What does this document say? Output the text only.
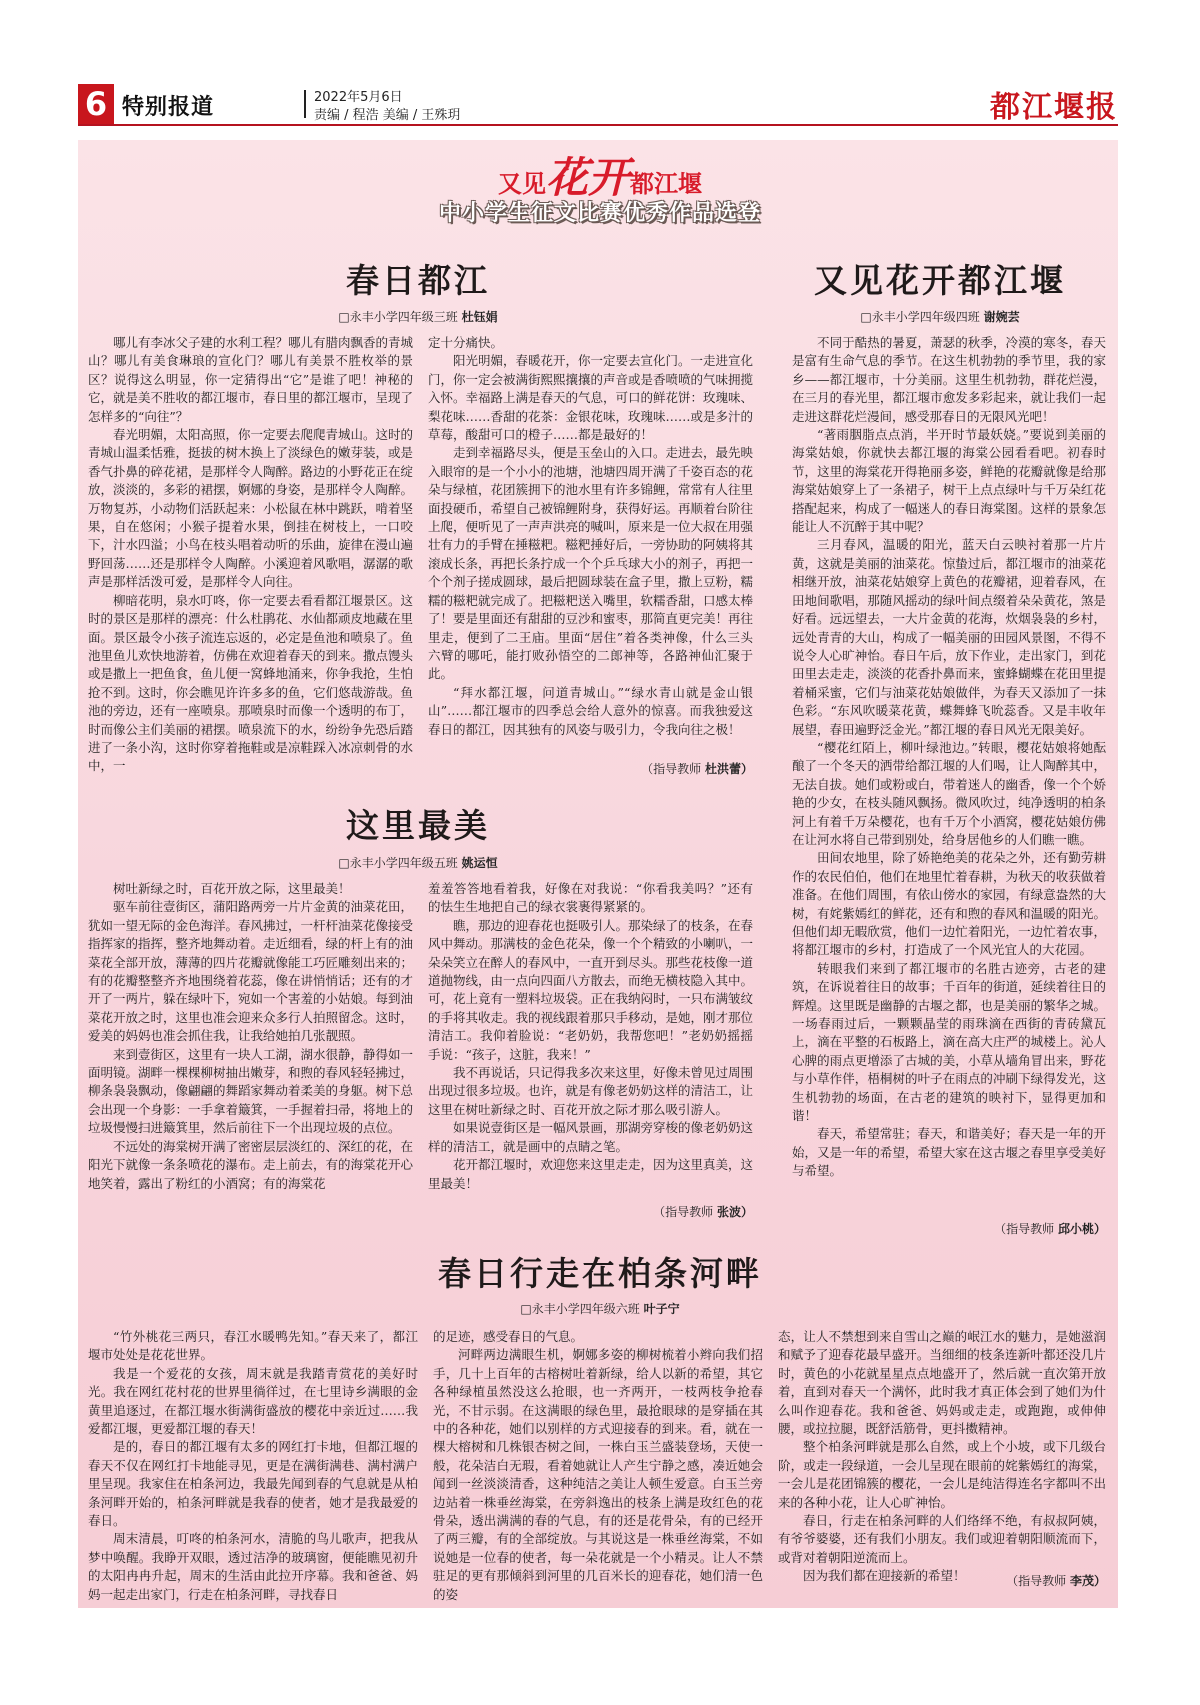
6 特别报道	2022年5月6日
责编 / 程浩 美编 / 王殊玥	都江堰报
又见花开都江堰
中小学生征文比赛优秀作品选登
春日都江
□永丰小学四年级三班 杜钰娟

哪儿有李冰父子建的水利工程？哪儿有腊肉飘香的青城山？哪儿有美食琳琅的宣化门？哪儿有美景不胜枚举的景区？说得这么明显，你一定猜得出“它”是谁了吧！神秘的它，就是美不胜收的都江堰市，春日里的都江堰市，呈现了怎样多的“向往”？

春光明媚，太阳高照，你一定要去爬爬青城山。这时的青城山温柔恬雅，挺拔的树木换上了淡绿色的嫩芽装，或是香气扑鼻的碎花裙，是那样令人陶醉。路边的小野花正在绽放，淡淡的，多彩的裙摆，婀娜的身姿，是那样令人陶醉。万物复苏，小动物们活跃起来：小松鼠在林中跳跃，啃着坚果，自在悠闲；小猴子提着水果，倒挂在树枝上，一口咬下，汁水四溢；小鸟在枝头唱着动听的乐曲，旋律在漫山遍野回荡……还是那样令人陶醉。小溪迎着风歌唱，潺潺的歌声是那样活泼可爱，是那样令人向往。

柳暗花明，泉水叮咚，你一定要去看看都江堰景区。这时的景区是那样的漂亮：什么杜鹃花、水仙都顽皮地藏在里面。景区最令小孩子流连忘返的，必定是鱼池和喷泉了。鱼池里鱼儿欢快地游着，仿佛在欢迎着春天的到来。撒点馒头或是撒上一把鱼食，鱼儿便一窝蜂地涌来，你争我抢，生怕抢不到。这时，你会瞧见许许多多的鱼，它们悠哉游哉。鱼池的旁边，还有一座喷泉。那喷泉时而像一个透明的布丁，时而像公主们美丽的裙摆。喷泉流下的水，纷纷争先恐后踏进了一条小沟，这时你穿着拖鞋或是凉鞋踩入冰凉刺骨的水中，一

定十分痛快。

阳光明媚，春暖花开，你一定要去宣化门。一走进宣化门，你一定会被满街熙熙攘攘的声音或是香喷喷的气味拥揽入怀。幸福路上满是春天的气息，可口的鲜花饼：玫瑰味、梨花味……香甜的花茶：金银花味，玫瑰味……或是多汁的草莓，酸甜可口的橙子……都是最好的！

走到幸福路尽头，便是玉垒山的入口。走进去，最先映入眼帘的是一个小小的池塘，池塘四周开满了千姿百态的花朵与绿植，花团簇拥下的池水里有许多锦鲤，常常有人往里面投硬币，希望自己被锦鲤附身，获得好运。再顺着台阶往上爬，便听见了一声声洪亮的喊叫，原来是一位大叔在用强壮有力的手臂在捶糍粑。糍粑捶好后，一旁协助的阿姨将其滚成长条，再把长条拧成一个个乒乓球大小的剂子，再把一个个剂子搓成圆球，最后把圆球装在盒子里，撒上豆粉，糯糯的糍粑就完成了。把糍粑送入嘴里，软糯香甜，口感太棒了！要是里面还有甜甜的豆沙和蜜枣，那简直更完美！再往里走，便到了二王庙。里面“居住”着各类神像，什么三头六臂的哪吒，能打败孙悟空的二郎神等，各路神仙汇聚于此。

“拜水都江堰，问道青城山。”“绿水青山就是金山银山”……都江堰市的四季总会给人意外的惊喜。而我独爱这春日的都江，因其独有的风姿与吸引力，令我向往之极！

（指导教师 杜洪蕾）
又见花开都江堰
□永丰小学四年级四班 谢婉芸

不同于酷热的暑夏，萧瑟的秋季，冷漠的寒冬，春天是富有生命气息的季节。在这生机勃勃的季节里，我的家乡——都江堰市，十分美丽。这里生机勃勃，群花烂漫，在三月的春光里，都江堰市愈发多彩起来，就让我们一起走进这群花烂漫间，感受那春日的无限风光吧！

“著雨胭脂点点消，半开时节最妖娆。”要说到美丽的海棠姑娘，你就快去都江堰的海棠公园看看吧。初春时节，这里的海棠花开得艳丽多姿，鲜艳的花瓣就像是给那海棠姑娘穿上了一条裙子，树干上点点绿叶与千万朵红花搭配起来，构成了一幅迷人的春日海棠图。这样的景象怎能让人不沉醉于其中呢？

三月春风，温暖的阳光，蓝天白云映衬着那一片片黄，这就是美丽的油菜花。惊蛰过后，都江堰市的油菜花相继开放，油菜花姑娘穿上黄色的花瓣裙，迎着春风，在田地间歌唱，那随风摇动的绿叶间点缀着朵朵黄花，煞是好看。远远望去，一大片金黄的花海，炊烟袅袅的乡村，远处青青的大山，构成了一幅美丽的田园风景图，不得不说令人心旷神怡。春日午后，放下作业，走出家门，到花田里去走走，淡淡的花香扑鼻而来，蜜蜂蝴蝶在花田里提着桶采蜜，它们与油菜花姑娘做伴，为春天又添加了一抹色彩。“东风吹暖菜花黄，蝶舞蜂飞吮蕊香。又是丰收年展望，春田遍野泛金光。”都江堰的春日风光无限美好。

“樱花红陌上，柳叶绿池边。”转眼，樱花姑娘将她酝酿了一个冬天的洒带给都江堰的人们喝，让人陶醉其中，无法自拔。她们或粉或白，带着迷人的幽香，像一个个娇艳的少女，在枝头随风飘扬。微风吹过，纯净透明的柏条河上有着千万朵樱花，也有千万个小酒窝，樱花姑娘仿佛在让河水将自己带到别处，给身居他乡的人们瞧一瞧。

田间农地里，除了娇艳绝美的花朵之外，还有勤劳耕作的农民伯伯，他们在地里忙着春耕，为秋天的收获做着准备。在他们周围，有依山傍水的家园，有绿意盎然的大树，有姹紫嫣红的鲜花，还有和煦的春风和温暖的阳光。但他们却无暇欣赏，他们一边忙着阳光，一边忙着农事，将都江堰市的乡村，打造成了一个风光宜人的大花园。

转眼我们来到了都江堰市的名胜古迹旁，古老的建筑，在诉说着往日的故事；千百年的街道，延续着往日的辉煌。这里既是幽静的古堰之都，也是美丽的繁华之城。一场春雨过后，一颗颗晶莹的雨珠滴在西街的青砖黛瓦上，滴在平整的石板路上，滴在高大庄严的城楼上。沁人心脾的雨点更增添了古城的美，小草从墙角冒出来，野花与小草作伴，梧桐树的叶子在雨点的冲刷下绿得发光，这生机勃勃的场面，在古老的建筑的映衬下，显得更加和谐！

春天，希望常驻；春天，和谐美好；春天是一年的开始，又是一年的希望，希望大家在这古堰之春里享受美好与希望。

（指导教师 邱小桃）
这里最美
□永丰小学四年级五班 姚运恒

树吐新绿之时，百花开放之际，这里最美！

驱车前往壹街区，蒲阳路两旁一片片金黄的油菜花田，犹如一望无际的金色海洋。春风拂过，一杆杆油菜花像接受指挥家的指挥，整齐地舞动着。走近细看，绿的杆上有的油菜花全部开放，薄薄的四片花瓣就像能工巧匠雕刻出来的；有的花瓣整整齐齐地围绕着花蕊，像在讲悄悄话；还有的才开了一两片，躲在绿叶下，宛如一个害羞的小姑娘。每到油菜花开放之时，这里也准会迎来众多行人拍照留念。这时，爱美的妈妈也准会抓住我，让我给她拍几张靓照。

来到壹街区，这里有一块人工湖，湖水很静，静得如一面明镜。湖畔一棵棵柳树抽出嫩芽，和煦的春风轻轻拂过，柳条袅袅飘动，像翩翩的舞蹈家舞动着柔美的身躯。树下总会出现一个身影：一手拿着簸箕，一手握着扫帚，将地上的垃圾慢慢扫进簸箕里，然后前往下一个出现垃圾的点位。

不远处的海棠树开满了密密层层淡红的、深红的花，在阳光下就像一条条喷花的瀑布。走上前去，有的海棠花开心地笑着，露出了粉红的小酒窝；有的海棠花

羞羞答答地看着我，好像在对我说：“你看我美吗？”还有的怯生生地把自己的绿衣裳裹得紧紧的。

瞧，那边的迎春花也挺吸引人。那染绿了的枝条，在春风中舞动。那满枝的金色花朵，像一个个精致的小喇叭，一朵朵笑立在醉人的春风中，一直开到尽头。那些花枝像一道道抛物线，由一点向四面八方散去，而绝无横枝隐入其中。可，花上竟有一塑料垃圾袋。正在我纳闷时，一只布满皱纹的手将其收走。我的视线跟着那只手移动，是她，刚才那位清洁工。我仰着脸说：“老奶奶，我帮您吧！”老奶奶摇摇手说：“孩子，这脏，我来！”

我不再说话，只记得我多次来这里，好像未曾见过周围出现过很多垃圾。也许，就是有像老奶奶这样的清洁工，让这里在树吐新绿之时、百花开放之际才那么吸引游人。

如果说壹街区是一幅风景画，那湖旁穿梭的像老奶奶这样的清洁工，就是画中的点睛之笔。

花开都江堰时，欢迎您来这里走走，因为这里真美，这里最美！

（指导教师 张波）
春日行走在柏条河畔
□永丰小学四年级六班 叶子宁

“竹外桃花三两只，春江水暖鸭先知。”春天来了，都江堰市处处是花花世界。

我是一个爱花的女孩，周末就是我踏青赏花的美好时光。我在网红花村花的世界里徜徉过，在七里诗乡满眼的金黄里追逐过，在都江堰水街满街盛放的樱花中亲近过……我爱都江堰，更爱都江堰的春天！

是的，春日的都江堰有太多的网红打卡地，但都江堰的春天不仅在网红打卡地能寻见，更是在满街满巷、满村满户里呈现。我家住在柏条河边，我最先闻到春的气息就是从柏条河畔开始的，柏条河畔就是我春的使者，她才是我最爱的春日。

周末清晨，叮咚的柏条河水，清脆的鸟儿歌声，把我从梦中唤醒。我睁开双眼，透过洁净的玻璃窗，便能瞧见初升的太阳冉冉升起，周末的生活由此拉开序幕。我和爸爸、妈妈一起走出家门，行走在柏条河畔，寻找春日

的足迹，感受春日的气息。

河畔两边满眼生机，婀娜多姿的柳树梳着小辫向我们招手，几十上百年的古榕树吐着新绿，给人以新的希望，其它各种绿植虽然没这么抢眼，也一齐两开，一枝两枝争抢春光，不甘示弱。在这满眼的绿色里，最抢眼球的是穿插在其中的各种花，她们以别样的方式迎接春的到来。看，就在一棵大榕树和几株银杏树之间，一株白玉兰盛装登场，天使一般，花朵洁白无瑕，看着她就让人产生宁静之感，凑近她会闻到一丝淡淡清香，这种纯洁之美让人顿生爱意。白玉兰旁边站着一株垂丝海棠，在旁斜逸出的枝条上满是玫红色的花骨朵，透出满满的春的气息，有的还是花骨朵，有的已经开了两三瓣，有的全部绽放。与其说这是一株垂丝海棠，不如说她是一位春的使者，每一朵花就是一个小精灵。让人不禁驻足的更有那倾斜到河里的几百米长的迎春花，她们清一色的姿

态，让人不禁想到来自雪山之巅的岷江水的魅力，是她滋润和赋予了迎春花最早盛开。当细细的枝条连新叶都还没几片时，黄色的小花就星星点点地盛开了，然后就一直次第开放着，直到对春天一个满怀，此时我才真正体会到了她们为什么叫作迎春花。我和爸爸、妈妈或走走，或跑跑，或伸伸腰，或拉拉腿，既舒活筋骨，更抖擞精神。

整个柏条河畔就是那么自然，或上个小坡，或下几级台阶，或走一段绿道，一会儿呈现在眼前的姹紫嫣红的海棠，一会儿是花团锦簇的樱花，一会儿是纯洁得连名字都叫不出来的各种小花，让人心旷神怡。

春日，行走在柏条河畔的人们络绎不绝，有叔叔阿姨，有爷爷婆婆，还有我们小朋友。我们或迎着朝阳顺流而下，或背对着朝阳逆流而上。

因为我们都在迎接新的希望！	（指导教师 李茂）
